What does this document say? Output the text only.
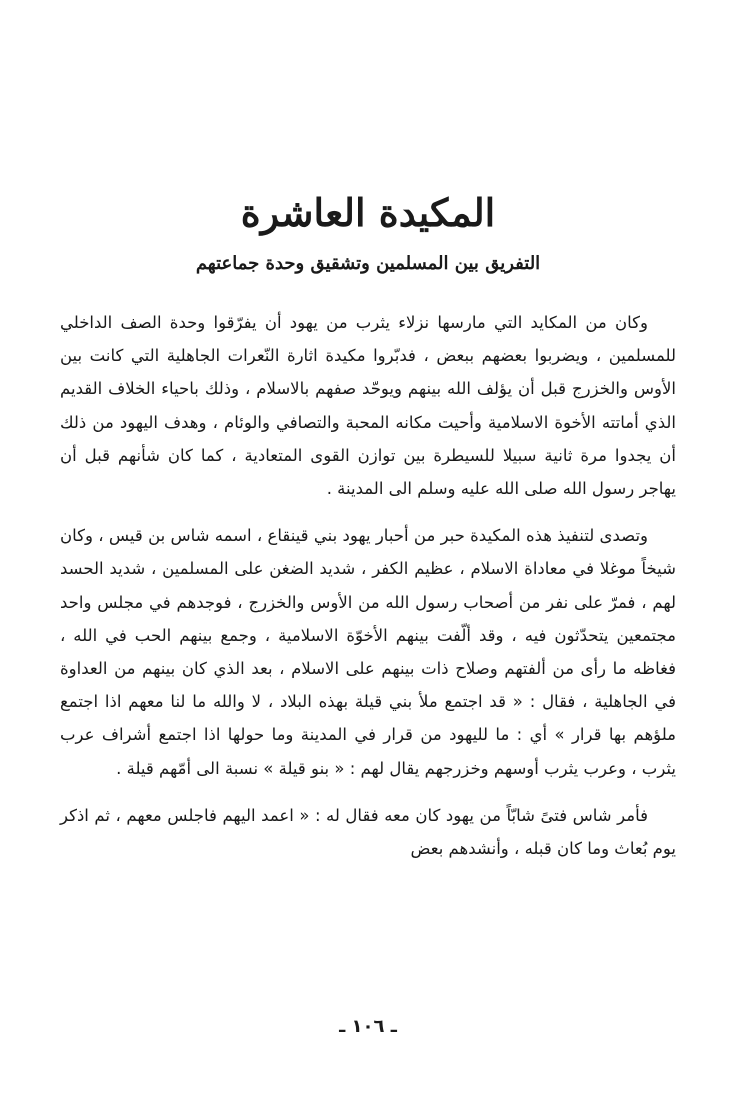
المكيدة العاشرة
التفريق بين المسلمين وتشقيق وحدة جماعتهم

وكان من المكايد التي مارسها نزلاء يثرب من يهود أن يفرّقوا وحدة الصف الداخلي للمسلمين ، ويضربوا بعضهم ببعض ، فدبّروا مكيدة اثارة النّعرات الجاهلية التي كانت بين الأوس والخزرج قبل أن يؤلف الله بينهم ويوحّد صفهم بالاسلام ، وذلك باحياء الخلاف القديم الذي أماتته الأخوة الاسلامية وأحيت مكانه المحبة والتصافي والوئام ، وهدف اليهود من ذلك أن يجدوا مرة ثانية سبيلا للسيطرة بين توازن القوى المتعادية ، كما كان شأنهم قبل أن يهاجر رسول الله صلى الله عليه وسلم الى المدينة .

وتصدى لتنفيذ هذه المكيدة حبر من أحبار يهود بني قينقاع ، اسمه شاس بن قيس ، وكان شيخاً موغلا في معاداة الاسلام ، عظيم الكفر ، شديد الضغن على المسلمين ، شديد الحسد لهم ، فمرّ على نفر من أصحاب رسول الله من الأوس والخزرج ، فوجدهم في مجلس واحد مجتمعين يتحدّثون فيه ، وقد ألّفت بينهم الأخوّة الاسلامية ، وجمع بينهم الحب في الله ، فغاظه ما رأى من ألفتهم وصلاح ذات بينهم على الاسلام ، بعد الذي كان بينهم من العداوة في الجاهلية ، فقال : « قد اجتمع ملأ بني قيلة بهذه البلاد ، لا والله ما لنا معهم اذا اجتمع ملؤهم بها قرار » أي : ما لليهود من قرار في المدينة وما حولها اذا اجتمع أشراف عرب يثرب ، وعرب يثرب أوسهم وخزرجهم يقال لهم : « بنو قيلة » نسبة الى أمّهم قيلة .

فأمر شاس فتىً شابّاً من يهود كان معه فقال له : « اعمد اليهم فاجلس معهم ، ثم اذكر يوم بُعاث وما كان قبله ، وأنشدهم بعض

ـ ١٠٦ ـ
